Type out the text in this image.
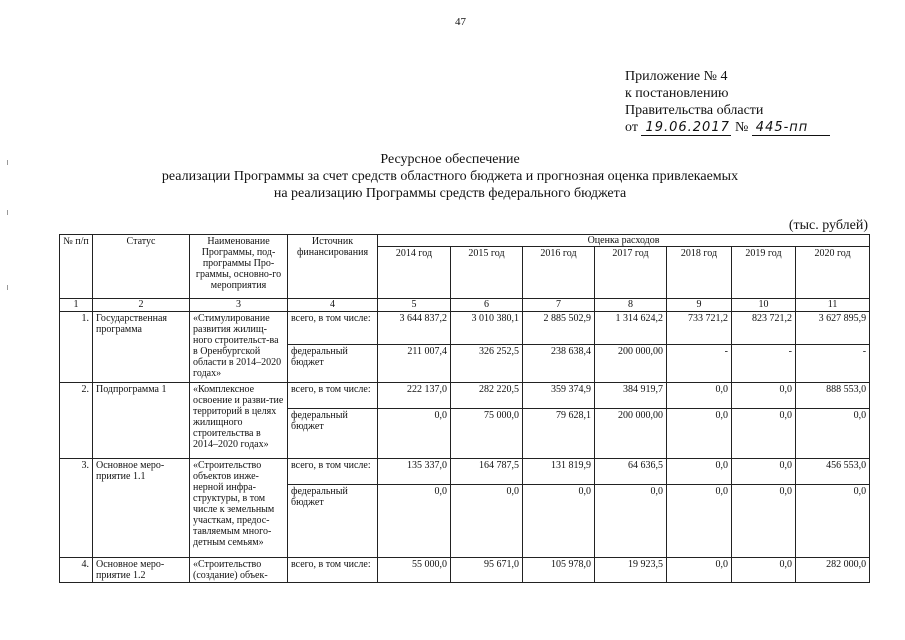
47
Приложение № 4
к постановлению
Правительства области
от 19.06.2017 № 445-пп
Ресурсное обеспечение
реализации Программы за счет средств областного бюджета и прогнозная оценка привлекаемых
на реализацию Программы средств федерального бюджета
(тыс. рублей)
№ п/п	Статус	Наименование Программы, под-программы Про-граммы, основно-го мероприятия	Источник финансирования	Оценка расходов						
				2014 год	2015 год	2016 год	2017 год	2018 год	2019 год	2020 год
1	2	3	4	5	6	7	8	9	10	11
1.	Государственная программа	«Стимулирование развития жилищ-ного строительст-ва в Оренбургской области в 2014–2020 годах»	всего, в том числе:	3 644 837,2	3 010 380,1	2 885 502,9	1 314 624,2	733 721,2	823 721,2	3 627 895,9
			федеральный бюджет	211 007,4	326 252,5	238 638,4	200 000,00	-	-	-
2.	Подпрограмма 1	«Комплексное освоение и разви-тие территорий в целях жилищного строительства в 2014–2020 годах»	всего, в том числе:	222 137,0	282 220,5	359 374,9	384 919,7	0,0	0,0	888 553,0
			федеральный бюджет	0,0	75 000,0	79 628,1	200 000,00	0,0	0,0	0,0
3.	Основное меро-приятие 1.1	«Строительство объектов инже-нерной инфра-структуры, в том числе к земельным участкам, предос-тавляемым много-детным семьям»	всего, в том числе:	135 337,0	164 787,5	131 819,9	64 636,5	0,0	0,0	456 553,0
			федеральный бюджет	0,0	0,0	0,0	0,0	0,0	0,0	0,0
4.	Основное меро-приятие 1.2	«Строительство (создание) объек-	всего, в том числе:	55 000,0	95 671,0	105 978,0	19 923,5	0,0	0,0	282 000,0
